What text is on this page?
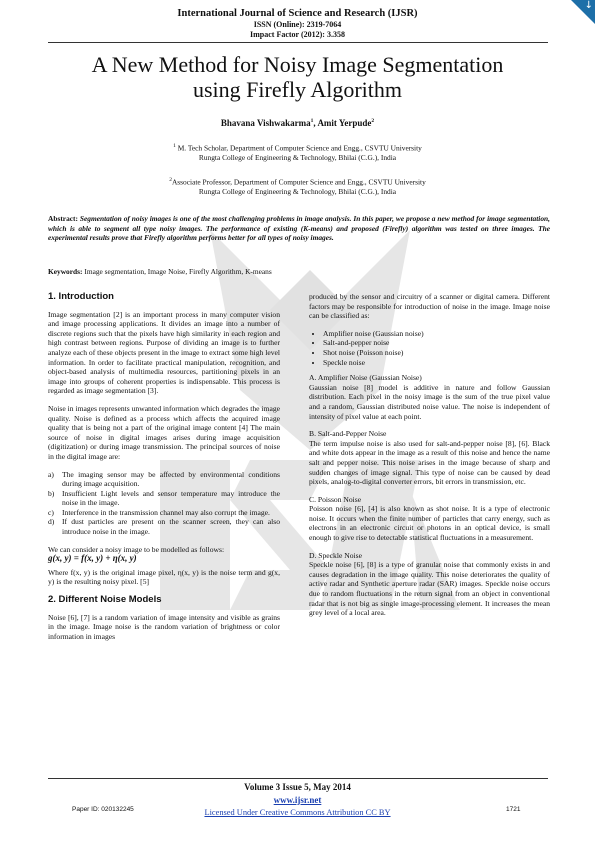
↓
International Journal of Science and Research (IJSR)
ISSN (Online): 2319-7064
Impact Factor (2012): 3.358
A New Method for Noisy Image Segmentation
using Firefly Algorithm
Bhavana Vishwakarma$^1$, Amit Yerpude$^2$
$^1$ M. Tech Scholar, Department of Computer Science and Engg., CSVTU University
Rungta College of Engineering & Technology, Bhilai (C.G.), India
$^2$Associate Professor, Department of Computer Science and Engg., CSVTU University
Rungta College of Engineering & Technology, Bhilai (C.G.), India
Abstract: Segmentation of noisy images is one of the most challenging problems in image analysis. In this paper, we propose a new method for image segmentation, which is able to segment all type noisy images. The performance of existing (K-means) and proposed (Firefly) algorithm was tested on three images. The experimental results prove that Firefly algorithm performs better for all types of noisy images.
Keywords: Image segmentation, Image Noise, Firefly Algorithm, K-means
1. Introduction

Image segmentation [2] is an important process in many computer vision and image processing applications. It divides an image into a number of discrete regions such that the pixels have high similarity in each region and high contrast between regions. Purpose of dividing an image is to further analyze each of these objects present in the image to extract some high level information. In order to facilitate practical manipulation, recognition, and object-based analysis of multimedia resources, partitioning pixels in an image into groups of coherent properties is indispensable. This process is regarded as image segmentation [3].

Noise in images represents unwanted information which degrades the image quality. Noise is defined as a process which affects the acquired image quality that is being not a part of the original image content [4] The main source of noise in digital images arises during image acquisition (digitization) or during image transmission. The principal sources of noise in the digital image are:

a)	The imaging sensor may be affected by environmental conditions during image acquisition.
b)	Insufficient Light levels and sensor temperature may introduce the noise in the image.
c)	Interference in the transmission channel may also corrupt the image.
d)	If dust particles are present on the scanner screen, they can also introduce noise in the image.
We can consider a noisy image to be modelled as follows:
g(x, y) = f(x, y) + η(x, y)

Where f(x, y) is the original image pixel, η(x, y) is the noise term and g(x, y) is the resulting noisy pixel. [5]

2. Different Noise Models

Noise [6], [7] is a random variation of image intensity and visible as grains in the image. Image noise is the random variation of brightness or color information in images

produced by the sensor and circuitry of a scanner or digital camera. Different factors may be responsible for introduction of noise in the image. Image noise can be classified as:

• Amplifier noise (Gaussian noise)
• Salt-and-pepper noise
• Shot noise (Poisson noise)
• Speckle noise
A. Amplifier Noise (Gaussian Noise)

Gaussian noise [8] model is additive in nature and follow Gaussian distribution. Each pixel in the noisy image is the sum of the true pixel value and a random, Gaussian distributed noise value. The noise is independent of intensity of pixel value at each point.

B. Salt-and-Pepper Noise

The term impulse noise is also used for salt-and-pepper noise [8], [6]. Black and white dots appear in the image as a result of this noise and hence the name salt and pepper noise. This noise arises in the image because of sharp and sudden changes of image signal. This type of noise can be caused by dead pixels, analog-to-digital converter errors, bit errors in transmission, etc.

C. Poisson Noise

Poisson noise [6], [4] is also known as shot noise. It is a type of electronic noise. It occurs when the finite number of particles that carry energy, such as electrons in an electronic circuit or photons in an optical device, is small enough to give rise to detectable statistical fluctuations in a measurement.

D. Speckle Noise

Speckle noise [6], [8] is a type of granular noise that commonly exists in and causes degradation in the image quality. This noise deteriorates the quality of active radar and Synthetic aperture radar (SAR) images. Speckle noise occurs due to random fluctuations in the return signal from an object in conventional radar that is not big as single image-processing element. It increases the mean grey level of a local area.

Volume 3 Issue 5, May 2014
www.ijsr.net
Licensed Under Creative Commons Attribution CC BY
Paper ID: 020132245	1721
